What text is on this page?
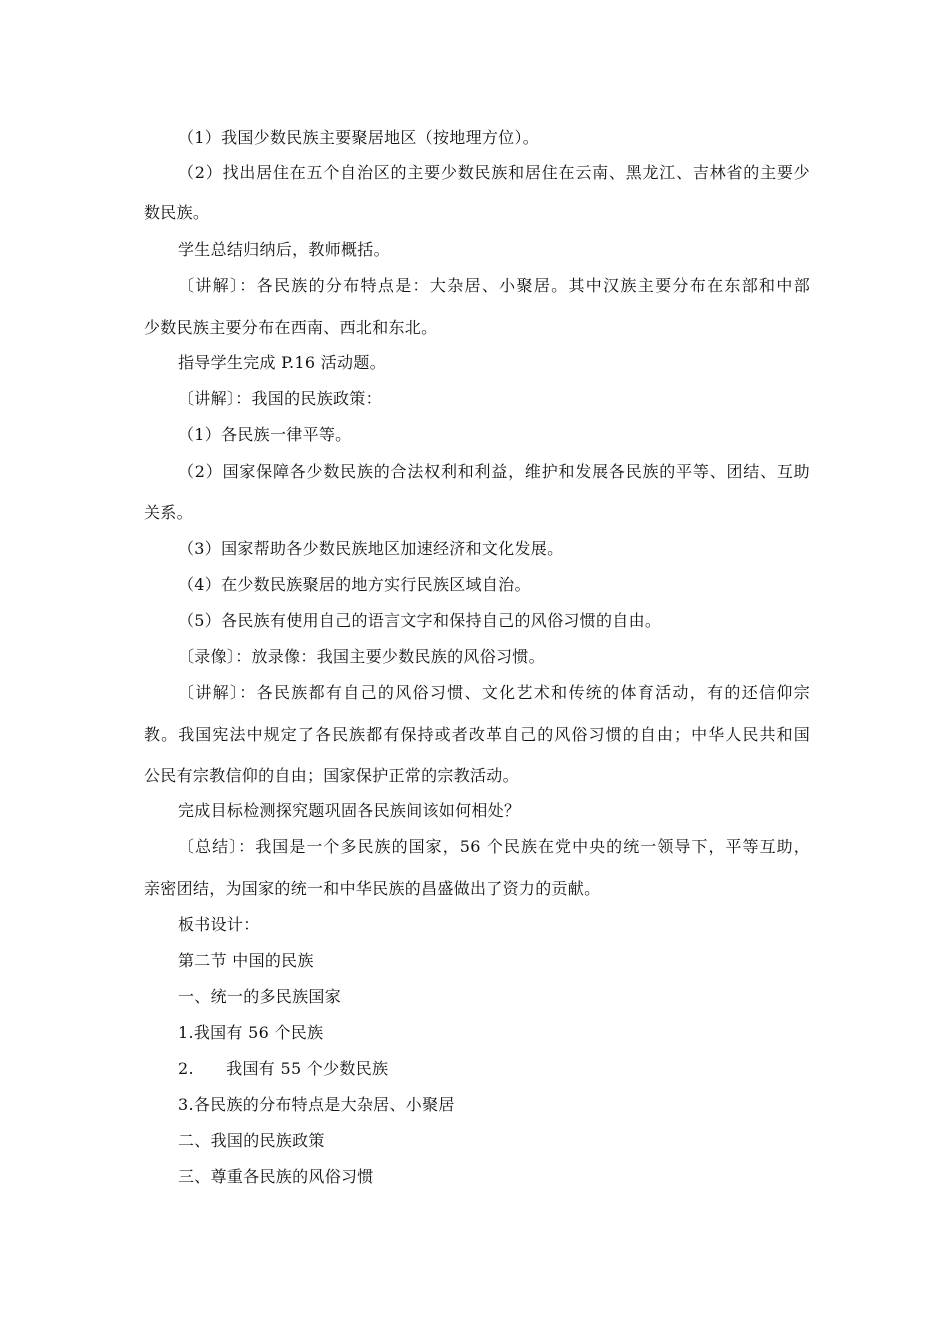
（1）我国少数民族主要聚居地区（按地理方位）。
（2）找出居住在五个自治区的主要少数民族和居住在云南、黑龙江、吉林省的主要少
数民族。
学生总结归纳后，教师概括。
〔讲解〕：各民族的分布特点是：大杂居、小聚居。其中汉族主要分布在东部和中部
少数民族主要分布在西南、西北和东北。
指导学生完成 P.16 活动题。
〔讲解〕：我国的民族政策：
（1）各民族一律平等。
（2）国家保障各少数民族的合法权利和利益，维护和发展各民族的平等、团结、互助
关系。
（3）国家帮助各少数民族地区加速经济和文化发展。
（4）在少数民族聚居的地方实行民族区域自治。
（5）各民族有使用自己的语言文字和保持自己的风俗习惯的自由。
〔录像〕：放录像：我国主要少数民族的风俗习惯。
〔讲解〕：各民族都有自己的风俗习惯、文化艺术和传统的体育活动，有的还信仰宗
教。我国宪法中规定了各民族都有保持或者改革自己的风俗习惯的自由；中华人民共和国
公民有宗教信仰的自由；国家保护正常的宗教活动。
完成目标检测探究题巩固各民族间该如何相处？
〔总结〕：我国是一个多民族的国家，56 个民族在党中央的统一领导下，平等互助，
亲密团结，为国家的统一和中华民族的昌盛做出了资力的贡献。
板书设计：
第二节 中国的民族
一、统一的多民族国家
1.我国有 56 个民族
2.      我国有 55 个少数民族
3.各民族的分布特点是大杂居、小聚居
二、我国的民族政策
三、尊重各民族的风俗习惯
